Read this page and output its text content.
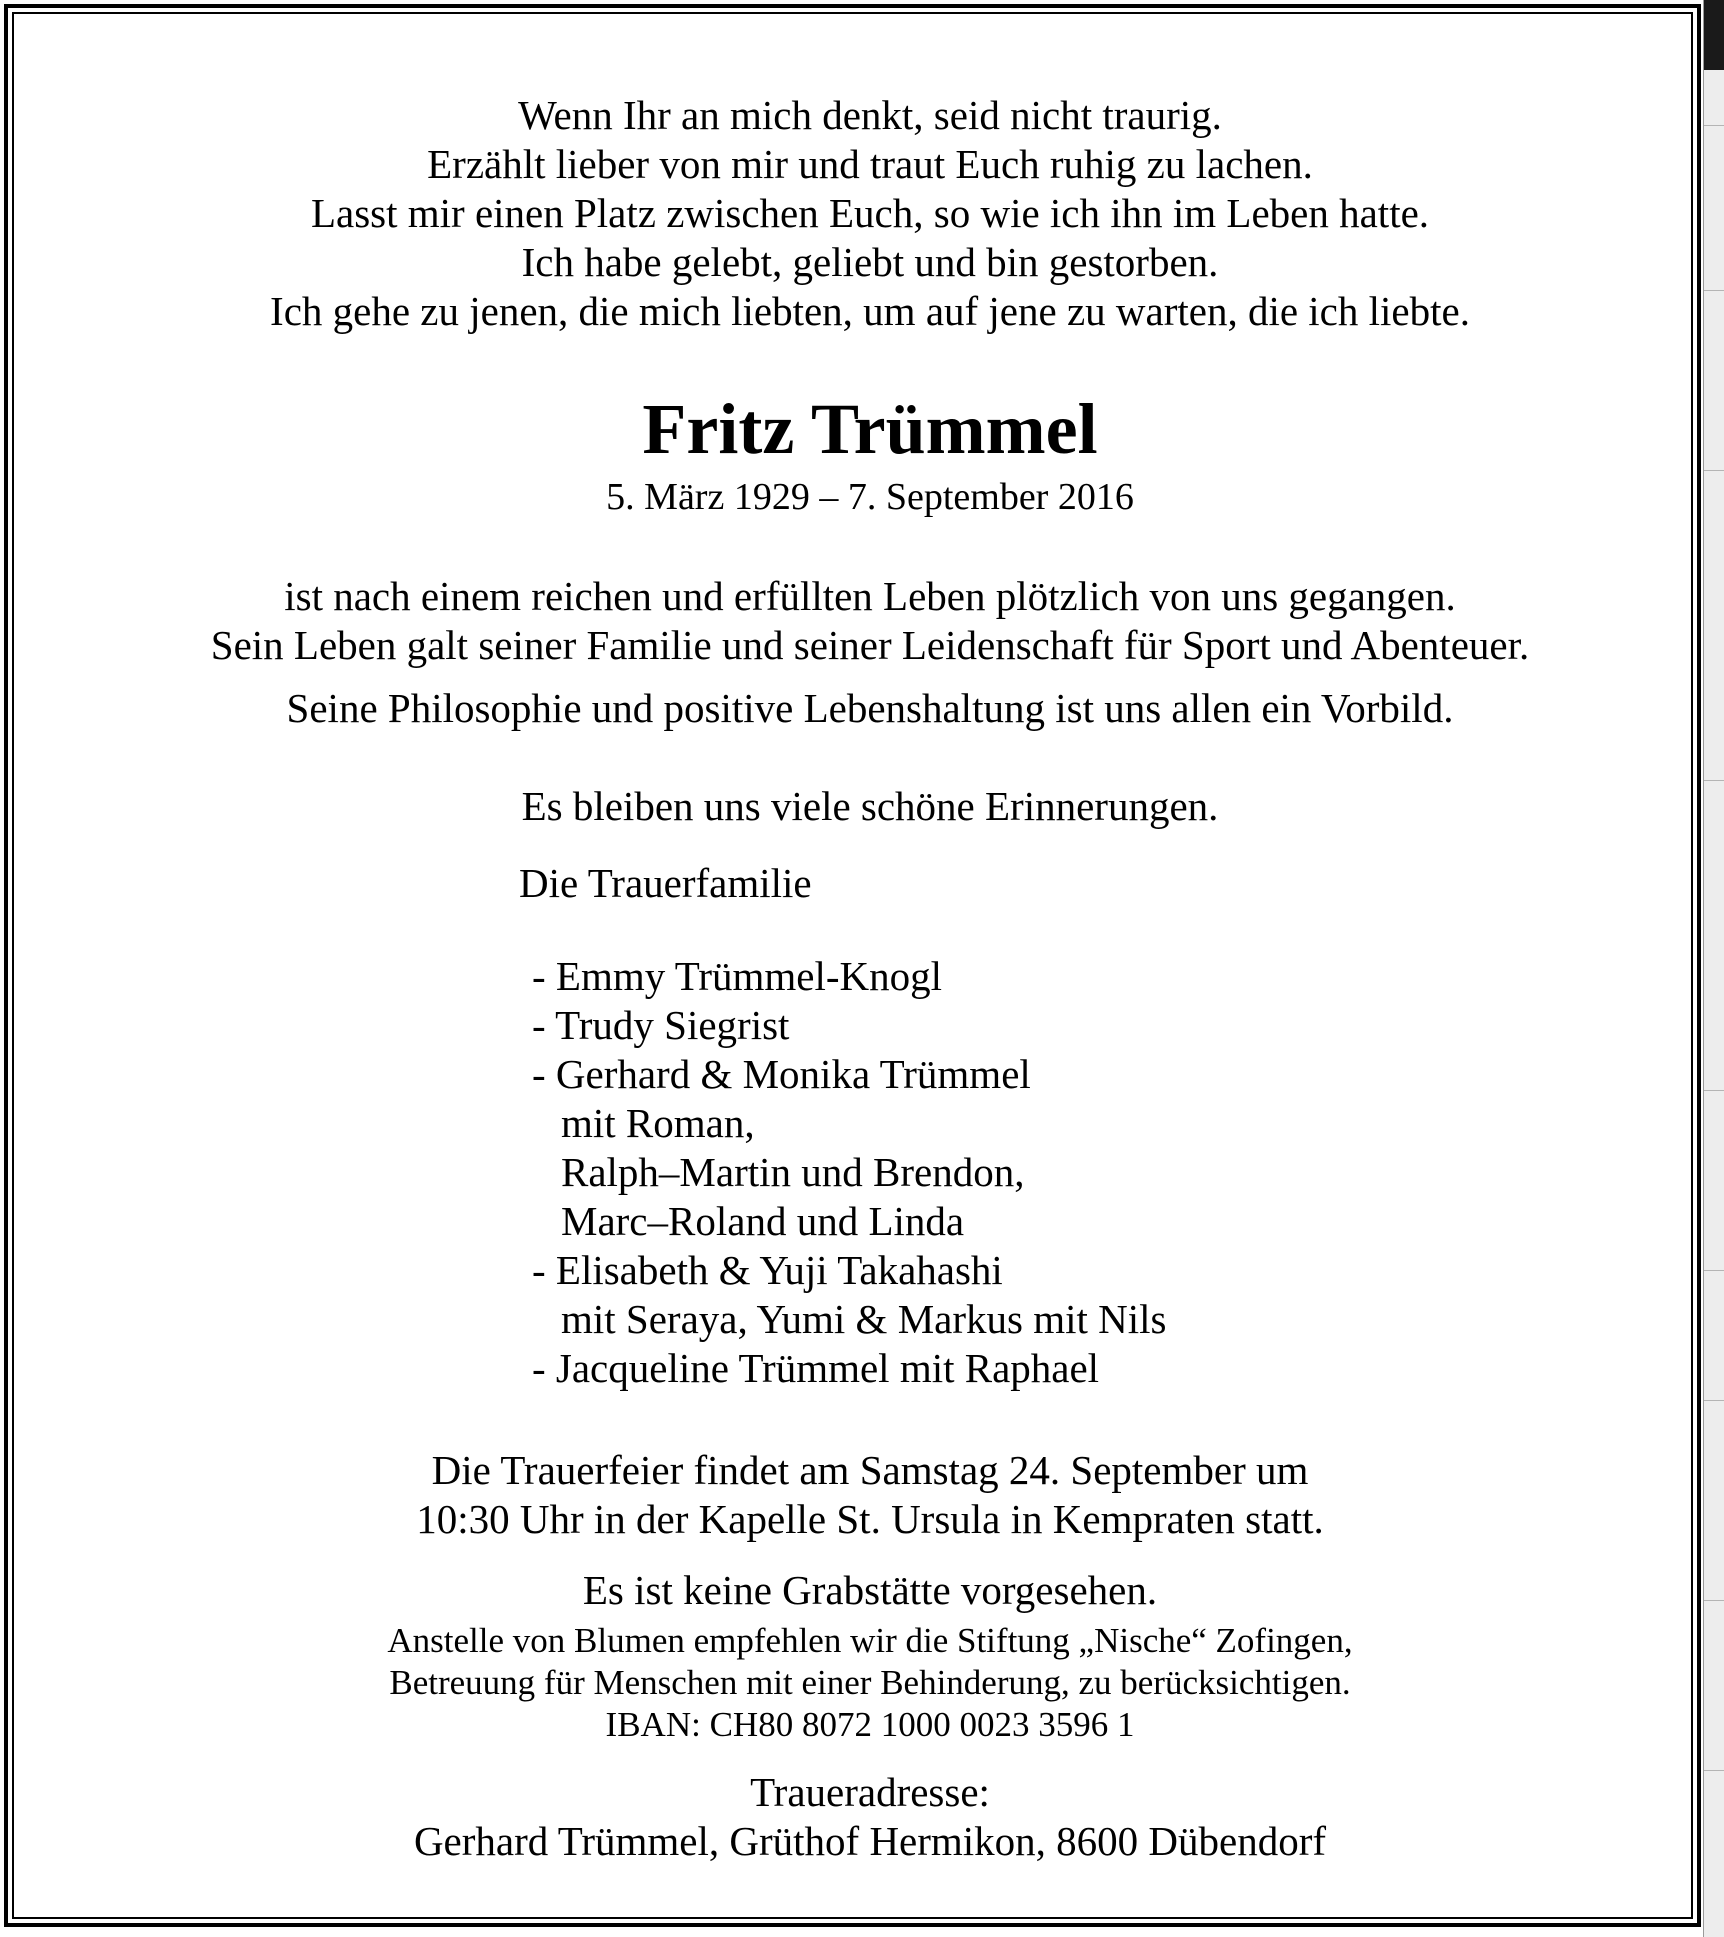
Wenn Ihr an mich denkt, seid nicht traurig.
Erzählt lieber von mir und traut Euch ruhig zu lachen.
Lasst mir einen Platz zwischen Euch, so wie ich ihn im Leben hatte.
Ich habe gelebt, geliebt und bin gestorben.
Ich gehe zu jenen, die mich liebten, um auf jene zu warten, die ich liebte.
Fritz Trümmel
5. März 1929 – 7. September 2016
ist nach einem reichen und erfüllten Leben plötzlich von uns gegangen.
Sein Leben galt seiner Familie und seiner Leidenschaft für Sport und Abenteuer.
Seine Philosophie und positive Lebenshaltung ist uns allen ein Vorbild.
Es bleiben uns viele schöne Erinnerungen.
Die Trauerfamilie
- Emmy Trümmel-Knogl
- Trudy Siegrist
- Gerhard & Monika Trümmel
mit Roman,
Ralph–Martin und Brendon,
Marc–Roland und Linda
- Elisabeth & Yuji Takahashi
mit Seraya, Yumi & Markus mit Nils
- Jacqueline Trümmel mit Raphael
Die Trauerfeier findet am Samstag 24. September um
10:30 Uhr in der Kapelle St. Ursula in Kempraten statt.
Es ist keine Grabstätte vorgesehen.
Anstelle von Blumen empfehlen wir die Stiftung „Nische“ Zofingen,
Betreuung für Menschen mit einer Behinderung, zu berücksichtigen.
IBAN: CH80 8072 1000 0023 3596 1
Traueradresse:
Gerhard Trümmel, Grüthof Hermikon, 8600 Dübendorf
